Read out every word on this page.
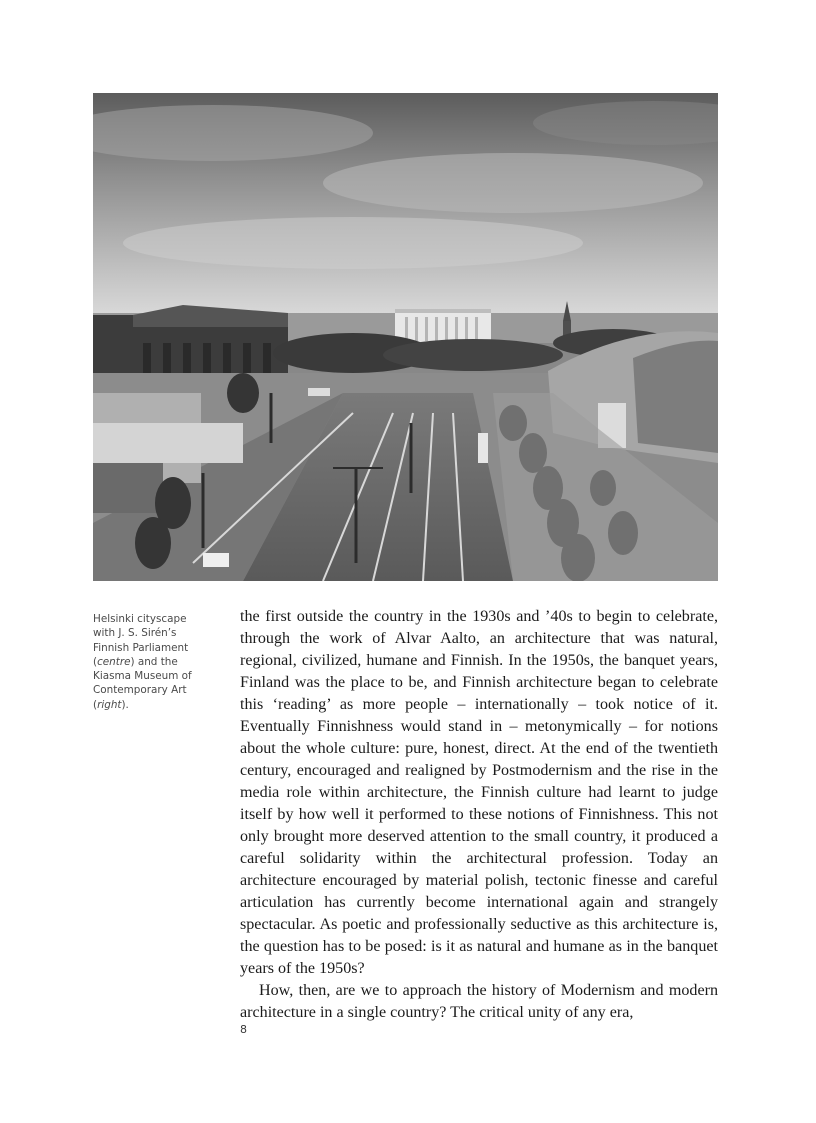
Helsinki cityscape with J. S. Sirén’s Finnish Parliament (centre) and the Kiasma Museum of Contemporary Art (right).

the first outside the country in the 1930s and ’40s to begin to celebrate, through the work of Alvar Aalto, an architecture that was natural, regional, civilized, humane and Finnish. In the 1950s, the banquet years, Finland was the place to be, and Finnish architecture began to celebrate this ‘reading’ as more people – internationally – took notice of it. Eventually Finnishness would stand in – metonymically – for notions about the whole culture: pure, honest, direct. At the end of the twentieth century, encouraged and realigned by Postmodernism and the rise in the media role within architecture, the Finnish culture had learnt to judge itself by how well it performed to these notions of Finnishness. This not only brought more deserved attention to the small country, it produced a careful solidarity within the architectural profession. Today an architecture encouraged by material polish, tectonic finesse and careful articulation has currently become international again and strangely spectacular. As poetic and professionally seductive as this architecture is, the question has to be posed: is it as natural and humane as in the banquet years of the 1950s?

How, then, are we to approach the history of Modernism and modern architecture in a single country? The critical unity of any era,

8
